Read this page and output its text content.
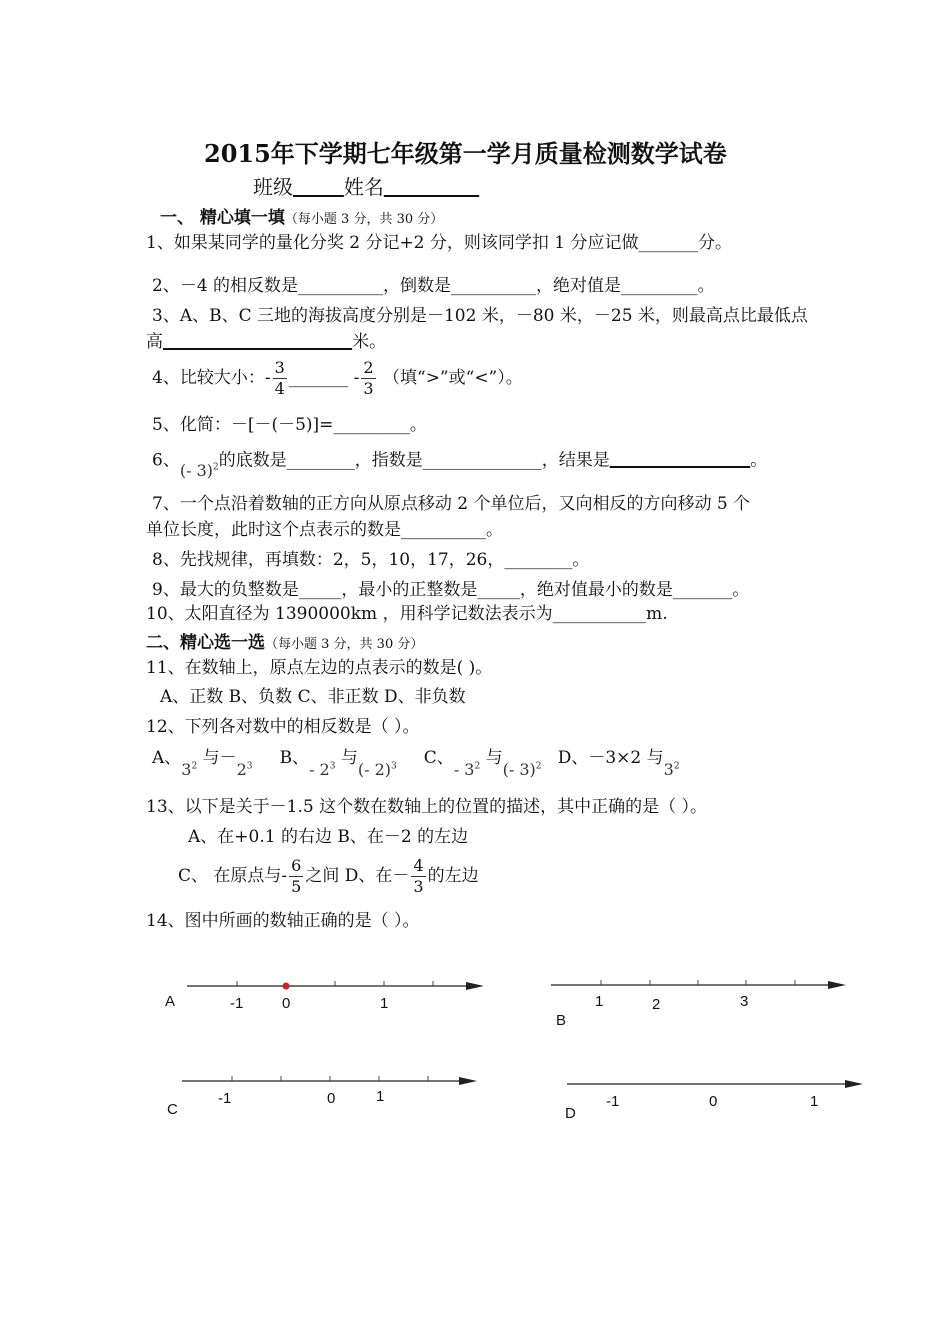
2015年下学期七年级第一学月质量检测数学试卷
班级	姓名
一、 精心填一填（每小题 3 分，共 30 分）
1、如果某同学的量化分奖 2 分记+2 分，则该同学扣 1 分应记做_______分。
2、－4 的相反数是__________，倒数是__________，绝对值是_________。
3、A、B、C 三地的海拔高度分别是－102 米，－80 米，－25 米，则最高点比最低点
高	米。
4、比较大小：- $\frac{3}{4}$ _______ - $\frac{2}{3}$ （填“>”或“<”）。
5、化简：－[－(－5)]=_________。
6、(- 3)$^2$的底数是________，指数是______________，结果是	。
7、一个点沿着数轴的正方向从原点移动 2 个单位后，又向相反的方向移动 5 个
单位长度，此时这个点表示的数是__________。
8、先找规律，再填数：2，5，10，17，26，________。
9、最大的负整数是_____，最小的正整数是_____，绝对值最小的数是_______。
10、太阳直径为 1390000km ，用科学记数法表示为___________m.
二、精心选一选（每小题 3 分，共 30 分）
11、在数轴上，原点左边的点表示的数是( )。
A、正数 B、负数 C、非正数 D、非负数
12、下列各对数中的相反数是（ ）。
A、$3^2$ 与$-2^3$ B、- $2^3$ 与(- 2)$^3$ C、- $3^2$ 与(- 3)$^2$ D、－3×2 与$3^2$
13、以下是关于－1.5 这个数在数轴上的位置的描述，其中正确的是（ ）。
A、在+0.1 的右边 B、在－2 的左边
C、 在原点与- $\frac{6}{5}$ 之间 D、在－ $\frac{4}{3}$ 的左边
14、图中所画的数轴正确的是（ ）。
A	-1	0	1
B
1	2	3
C
-1	0	1
D
-1	0	1
